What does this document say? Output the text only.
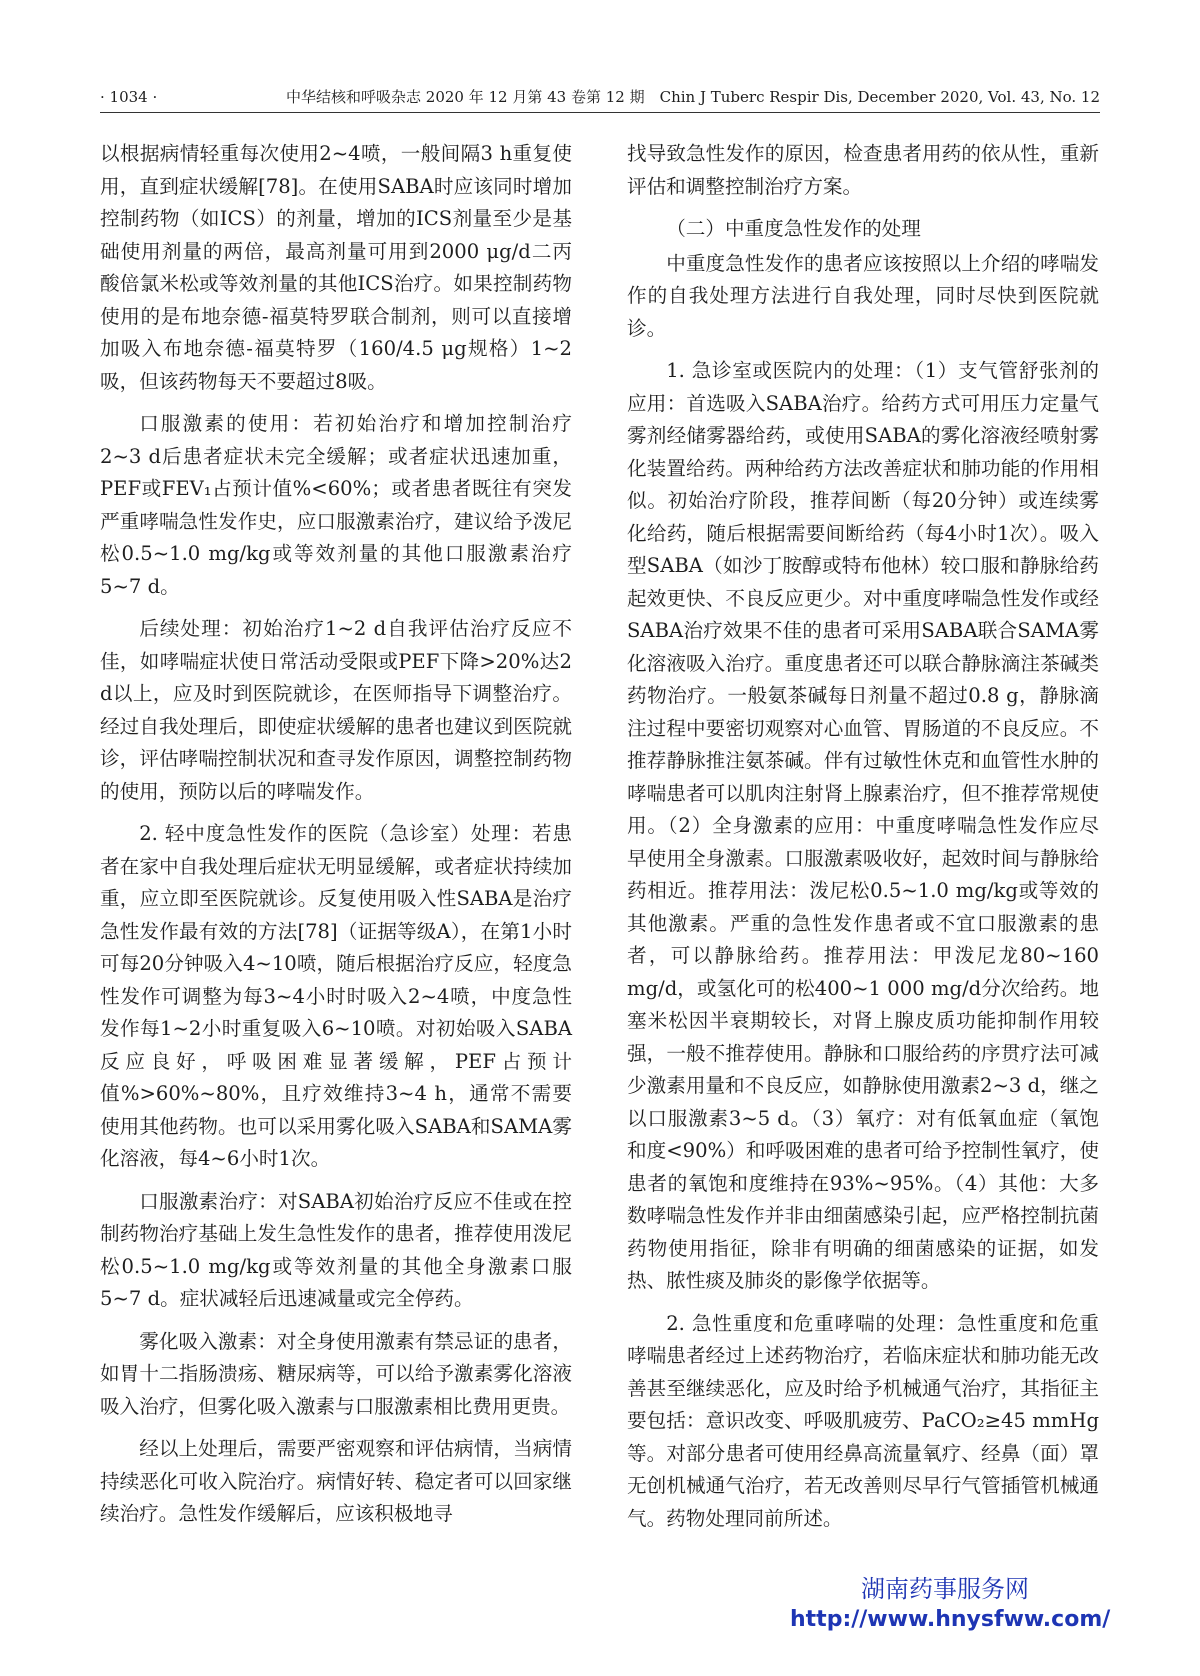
· 1034 ·	中华结核和呼吸杂志 2020 年 12 月第 43 卷第 12 期　Chin J Tuberc Respir Dis, December 2020, Vol. 43, No. 12

以根据病情轻重每次使用2~4喷，一般间隔3 h重复使用，直到症状缓解[78]。在使用SABA时应该同时增加控制药物（如ICS）的剂量，增加的ICS剂量至少是基础使用剂量的两倍，最高剂量可用到2000 μg/d二丙酸倍氯米松或等效剂量的其他ICS治疗。如果控制药物使用的是布地奈德-福莫特罗联合制剂，则可以直接增加吸入布地奈德-福莫特罗（160/4.5 μg规格）1~2吸，但该药物每天不要超过8吸。

口服激素的使用：若初始治疗和增加控制治疗2~3 d后患者症状未完全缓解；或者症状迅速加重，PEF或FEV₁占预计值%<60%；或者患者既往有突发严重哮喘急性发作史，应口服激素治疗，建议给予泼尼松0.5~1.0 mg/kg或等效剂量的其他口服激素治疗5~7 d。

后续处理：初始治疗1~2 d自我评估治疗反应不佳，如哮喘症状使日常活动受限或PEF下降>20%达2 d以上，应及时到医院就诊，在医师指导下调整治疗。经过自我处理后，即使症状缓解的患者也建议到医院就诊，评估哮喘控制状况和查寻发作原因，调整控制药物的使用，预防以后的哮喘发作。

2. 轻中度急性发作的医院（急诊室）处理：若患者在家中自我处理后症状无明显缓解，或者症状持续加重，应立即至医院就诊。反复使用吸入性SABA是治疗急性发作最有效的方法[78]（证据等级A），在第1小时可每20分钟吸入4~10喷，随后根据治疗反应，轻度急性发作可调整为每3~4小时时吸入2~4喷，中度急性发作每1~2小时重复吸入6~10喷。对初始吸入SABA反应良好，呼吸困难显著缓解，PEF占预计值%>60%~80%，且疗效维持3~4 h，通常不需要使用其他药物。也可以采用雾化吸入SABA和SAMA雾化溶液，每4~6小时1次。

口服激素治疗：对SABA初始治疗反应不佳或在控制药物治疗基础上发生急性发作的患者，推荐使用泼尼松0.5~1.0 mg/kg或等效剂量的其他全身激素口服5~7 d。症状减轻后迅速减量或完全停药。

雾化吸入激素：对全身使用激素有禁忌证的患者，如胃十二指肠溃疡、糖尿病等，可以给予激素雾化溶液吸入治疗，但雾化吸入激素与口服激素相比费用更贵。

经以上处理后，需要严密观察和评估病情，当病情持续恶化可收入院治疗。病情好转、稳定者可以回家继续治疗。急性发作缓解后，应该积极地寻

找导致急性发作的原因，检查患者用药的依从性，重新评估和调整控制治疗方案。

（二）中重度急性发作的处理

中重度急性发作的患者应该按照以上介绍的哮喘发作的自我处理方法进行自我处理，同时尽快到医院就诊。

1. 急诊室或医院内的处理：（1）支气管舒张剂的应用：首选吸入SABA治疗。给药方式可用压力定量气雾剂经储雾器给药，或使用SABA的雾化溶液经喷射雾化装置给药。两种给药方法改善症状和肺功能的作用相似。初始治疗阶段，推荐间断（每20分钟）或连续雾化给药，随后根据需要间断给药（每4小时1次）。吸入型SABA（如沙丁胺醇或特布他林）较口服和静脉给药起效更快、不良反应更少。对中重度哮喘急性发作或经SABA治疗效果不佳的患者可采用SABA联合SAMA雾化溶液吸入治疗。重度患者还可以联合静脉滴注茶碱类药物治疗。一般氨茶碱每日剂量不超过0.8 g，静脉滴注过程中要密切观察对心血管、胃肠道的不良反应。不推荐静脉推注氨茶碱。伴有过敏性休克和血管性水肿的哮喘患者可以肌肉注射肾上腺素治疗，但不推荐常规使用。（2）全身激素的应用：中重度哮喘急性发作应尽早使用全身激素。口服激素吸收好，起效时间与静脉给药相近。推荐用法：泼尼松0.5~1.0 mg/kg或等效的其他激素。严重的急性发作患者或不宜口服激素的患者，可以静脉给药。推荐用法：甲泼尼龙80~160 mg/d，或氢化可的松400~1 000 mg/d分次给药。地塞米松因半衰期较长，对肾上腺皮质功能抑制作用较强，一般不推荐使用。静脉和口服给药的序贯疗法可减少激素用量和不良反应，如静脉使用激素2~3 d，继之以口服激素3~5 d。（3）氧疗：对有低氧血症（氧饱和度<90%）和呼吸困难的患者可给予控制性氧疗，使患者的氧饱和度维持在93%~95%。（4）其他：大多数哮喘急性发作并非由细菌感染引起，应严格控制抗菌药物使用指征，除非有明确的细菌感染的证据，如发热、脓性痰及肺炎的影像学依据等。

2. 急性重度和危重哮喘的处理：急性重度和危重哮喘患者经过上述药物治疗，若临床症状和肺功能无改善甚至继续恶化，应及时给予机械通气治疗，其指征主要包括：意识改变、呼吸肌疲劳、PaCO₂≥45 mmHg等。对部分患者可使用经鼻高流量氧疗、经鼻（面）罩无创机械通气治疗，若无改善则尽早行气管插管机械通气。药物处理同前所述。

湖南药事服务网
http://www.hnysfww.com/
